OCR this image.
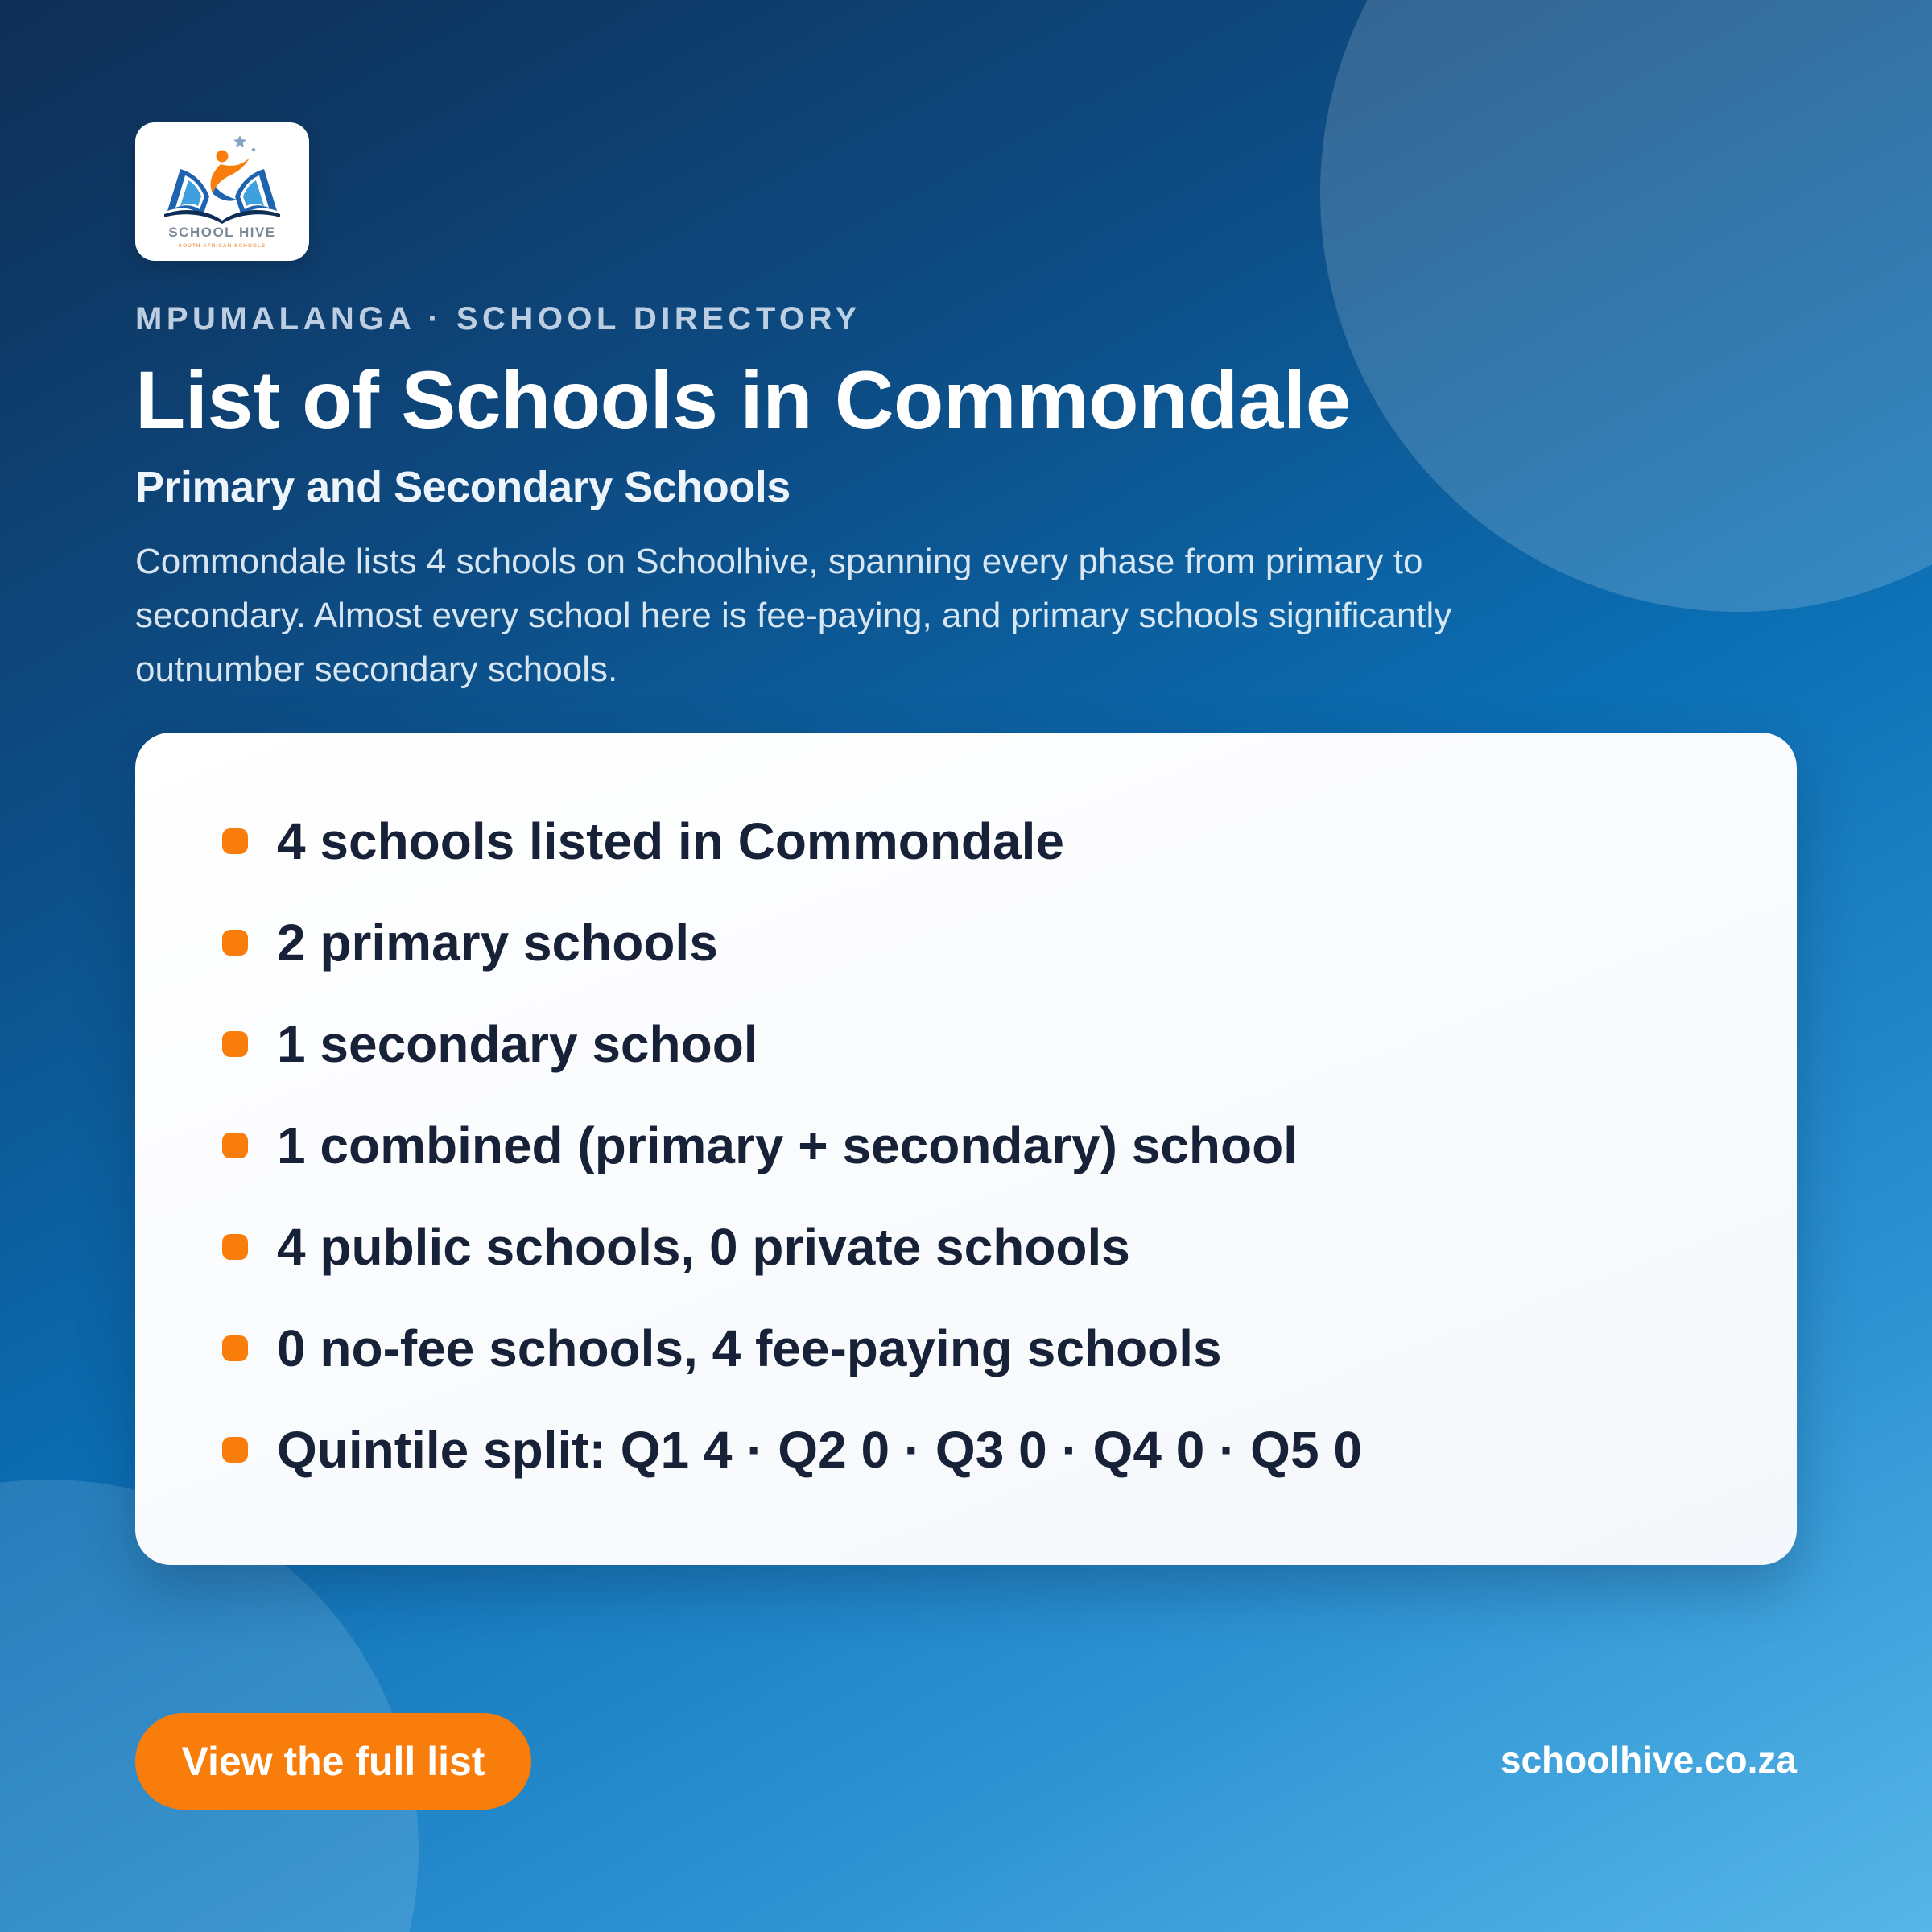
SCHOOL HIVE
SOUTH AFRICAN SCHOOLS

MPUMALANGA · SCHOOL DIRECTORY

List of Schools in Commondale
Primary and Secondary Schools

Commondale lists 4 schools on Schoolhive, spanning every phase from primary to secondary. Almost every school here is fee-paying, and primary schools significantly outnumber secondary schools.

4 schools listed in Commondale
2 primary schools
1 secondary school
1 combined (primary + secondary) school
4 public schools, 0 private schools
0 no-fee schools, 4 fee-paying schools
Quintile split: Q1 4 · Q2 0 · Q3 0 · Q4 0 · Q5 0
View the full list	schoolhive.co.za
